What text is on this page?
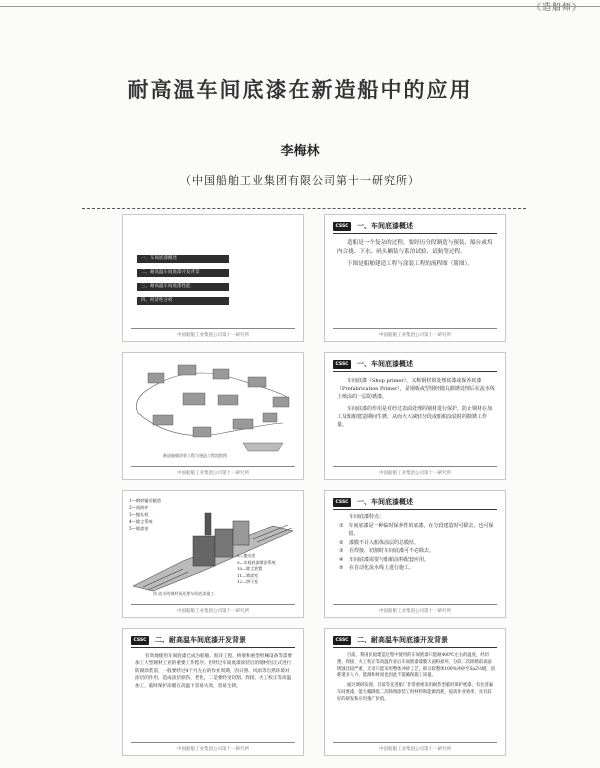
《造船师》
耐高温车间底漆在新造船中的应用
李梅林
（中国船舶工业集团有限公司第十一研究所）
一、车间底漆概述
二、耐高温车间底漆开发背景
三、耐高温车间底漆性能
四、经济性分析
中国船舶工业集团公司第十一研究所
CSSC	一、车间底漆概述

造船是一个复杂的过程，要经历分段制造与预装、船台或坞内合拢、下水、码头舾装与系泊试验、试航等过程。

下图是船舶建造工程与涂装工程的流程图（简图）。

中国船舶工业集团公司第十一研究所
新造船舶涂装工程与建造工程流程图
中国船舶工业集团公司第十一研究所
CSSC	一、车间底漆概述

车间底漆（Shop primer），又称钢材预处理底漆或保养底漆（Prefabrication Primer），是钢板或型钢经抛丸除锈处理后在流水线上喷涂的一层防锈漆。

车间底漆的作用是对经过表面处理的钢材进行保护，防止钢材在加工及船舶建造期间生锈，从而大大减轻分段或船舶涂装时的除锈工作量。

中国船舶工业集团公司第十一研究所
1—钢材输送辊道
2—预热炉
3—抛丸机
4—除尘系统
5—喷漆室
8—抛丸室
9—车间底漆喷涂系统
10—除尘装置
11—喷漆室
12—烘干室
图 流水线钢材预处理车间底漆施工
中国船舶工业集团公司第十一研究所
CSSC	一、车间底漆概述
车间底漆特点：
① 车间底漆是一种临时保养性的底漆，在分段建造时可除去，也可保留。
②	漆膜不计入船体涂层的总膜厚。
③	在焊接、切割时车间底漆可不必除去。
④	车间底漆需要与船舶涂料配套应用。
⑤	在自动化流水线上进行施工。
中国船舶工业集团公司第十一研究所
CSSC	二、耐高温车间底漆开发背景

有效地使用车间底漆已成为船舶、海洋工程、桥梁和重型机械设备等需要加工大型钢材工业的重要工作程序。但经过车间底漆涂装后的钢材因正式进行防腐涂装前，一般要经过4个月左右的作业周期，因日照、风雨等自然环境对涂层的作用，造成涂层损伤、老化，二是要经受切割、焊接、火工校正等高温加工，临时保护涂膜在高温下容易失效，容易生锈。

中国船舶工业集团公司第十一研究所
CSSC	二、耐高温车间底漆开发背景

目前，我国民船建造过程中使用的车间底漆只能耐400℃左右的温度，经切割、焊接、火工校正等高温作业后车间底漆漆膜大面积损坏，分段二次除锈前表面锈蚀比较严重，无奈只能采用整体冲砂工艺，即分段整体100%冲砂至Sa2½级，消耗诸多人力、能源和时间也因此不能确保施工质量。

通过调研发现，目前等先进船厂非常重视采用耐热型临时保护底漆，有往普遍车间底漆，能大幅降低二次除锈涂装工时材料和能源消耗，提高作业效率，具有较好的研发和应用推广价值。

中国船舶工业集团公司第十一研究所
